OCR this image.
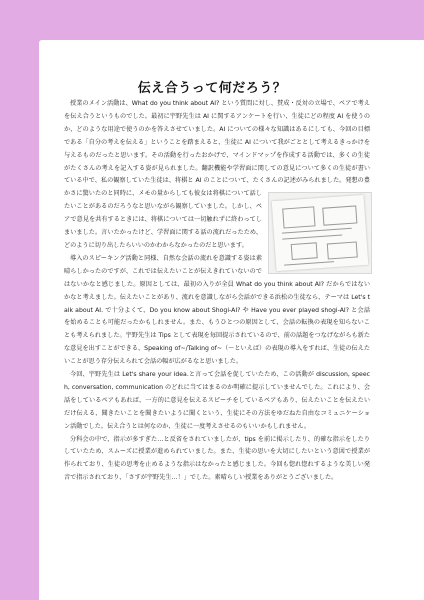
伝え合うって何だろう？

授業のメイン活動は、What do you think about AI? という質問に対し、賛成・反対の立場で、ペアで考えを伝え合うというものでした。最初に宇野先生は AI に関するアンケートを行い、生徒にどの程度 AI を使うのか、どのような用途で使うのかを答えさせていました。AI についての様々な知識はあるにしても、今回の目標である「自分の考えを伝える」ということを踏まえると、生徒に AI について我がごととして考えるきっかけを与えるものだったと思います。その活動を行ったおかげで、マインドマップを作成する活動では、多くの生徒がたくさんの考えを記入する姿が見られました。翻訳機能や学習面に関しての意見について多くの生徒が書いている中で、私の観察していた生徒は、将棋と AI のことについて、たくさんの記述がみられました。
発想の豊かさに驚いたのと同時に、メモの量からしても彼女は将棋について話したいことがあるのだろうなと思いながら観察していました。しかし、ペアで意見を共有するときには、将棋については一切触れずに終わってしまいました。言いたかったけど、学習面に関する話の流れだったため、どのように切り出したらいいのかわからなかったのだと思います。

導入のスピーキング活動と同様、自然な会話の流れを意識する姿は素晴らしかったのですが、これでは伝えたいことが伝えきれていないのではないかなと感じました。原因としては、最初の入りが全員 What do you think about AI? だからではないかなと考えました。伝えたいことがあり、流れを意識しながら会話ができる浜松の生徒なら、テーマは Let's talk about AI. で十分よくて、Do you know about Shogi-AI? や Have you ever played shogi-AI? と会話を始めることも可能だったかもしれません。また、もうひとつの原因として、会話の転換の表現を知らないことも考えられました。宇野先生は Tips として表現を毎回提示されているので、前の話題をつなげながらも新たな意見を出すことができる、Speaking of~/Talking of~（～といえば）の表現の導入をすれば、生徒の伝えたいことが思う存分伝えられて会話の幅が広がるなと思いました。

今回、宇野先生は Let's share your idea.と言って会話を促していたため、この活動が discussion, speech, conversation, communication のどれに当てはまるのか明確に提示していませんでした。これにより、会話をしているペアもあれば、一方的に意見を伝えるスピーチをしているペアもあり、伝えたいことを伝えたいだけ伝える、聞きたいことを聞きたいように聞くという、生徒にその方法をゆだねた自由なコミュニケーション活動でした。伝え合うとは何なのか、生徒に一度考えさせるのもいいかもしれません。

分科会の中で、指示が多すぎた…と反省をされていましたが、tips を前に掲示したり、的確な指示をしたりしていたため、スムーズに授業が進められていました。また、生徒の思いを大切にしたいという意図で授業が作られており、生徒の思考を止めるような指示はなかったと感じました。今回も惚れ惚れするような美しい発音で指示されており、「さすが宇野先生…！」でした。素晴らしい授業をありがとうございました。
